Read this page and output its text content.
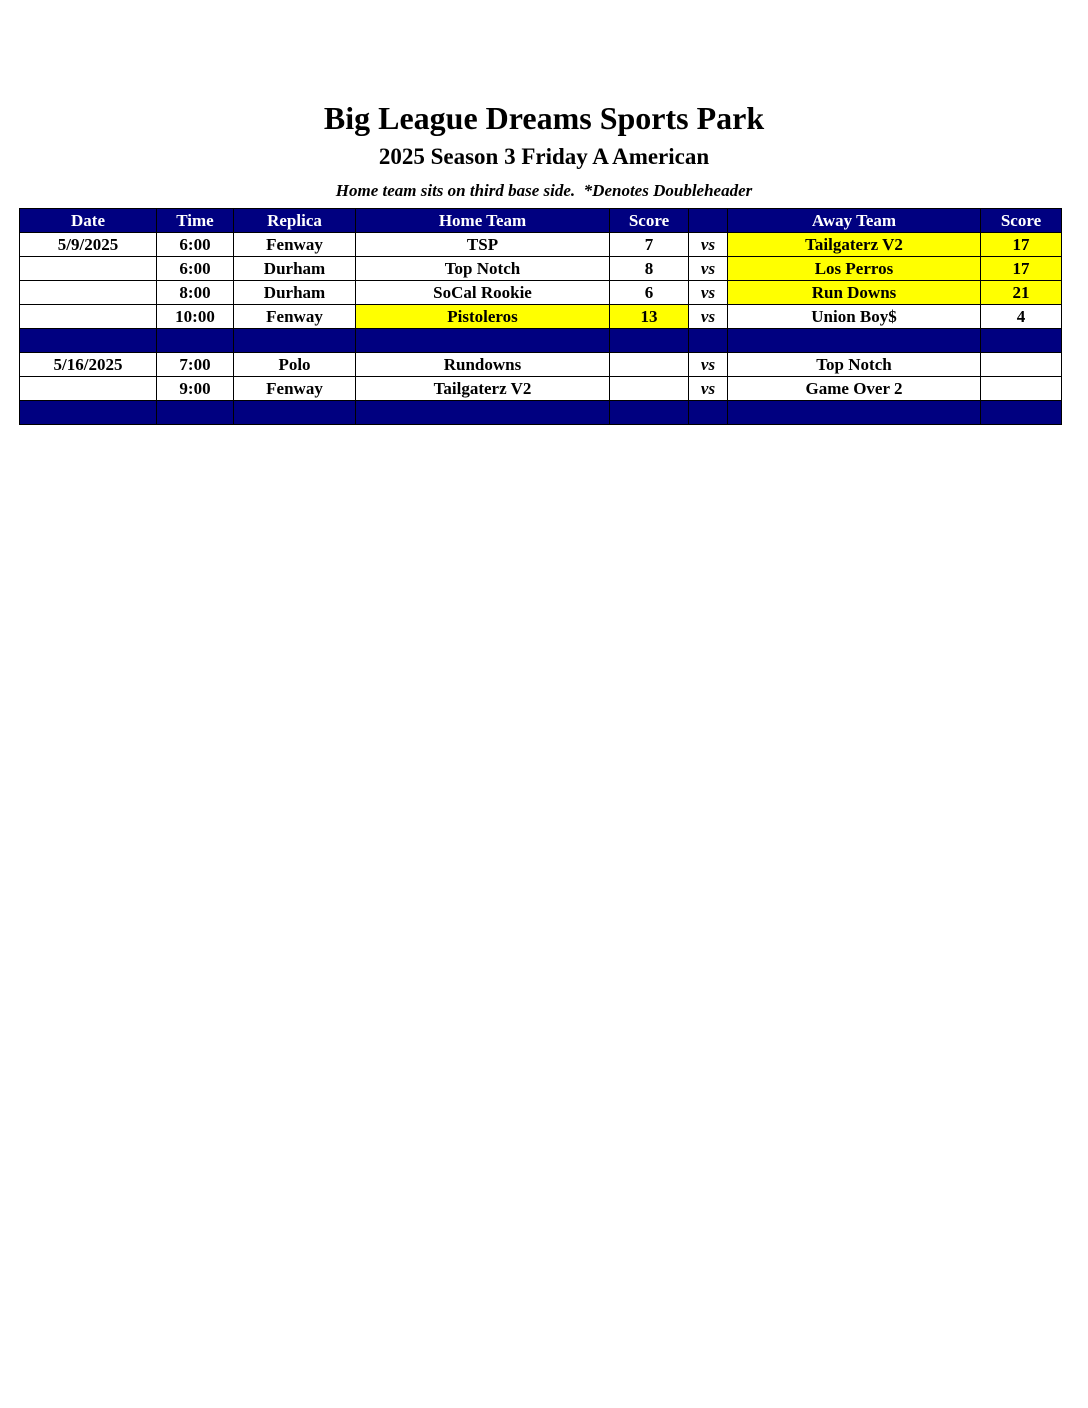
Big League Dreams Sports Park
2025 Season 3 Friday A American
Home team sits on third base side.  *Denotes Doubleheader
Date	Time	Replica	Home Team	Score		Away Team	Score
5/9/2025	6:00	Fenway	TSP	7	vs	Tailgaterz V2	17
	6:00	Durham	Top Notch	8	vs	Los Perros	17
	8:00	Durham	SoCal Rookie	6	vs	Run Downs	21
	10:00	Fenway	Pistoleros	13	vs	Union Boy$	4

5/16/2025	7:00	Polo	Rundowns		vs	Top Notch	
	9:00	Fenway	Tailgaterz V2		vs	Game Over 2	
